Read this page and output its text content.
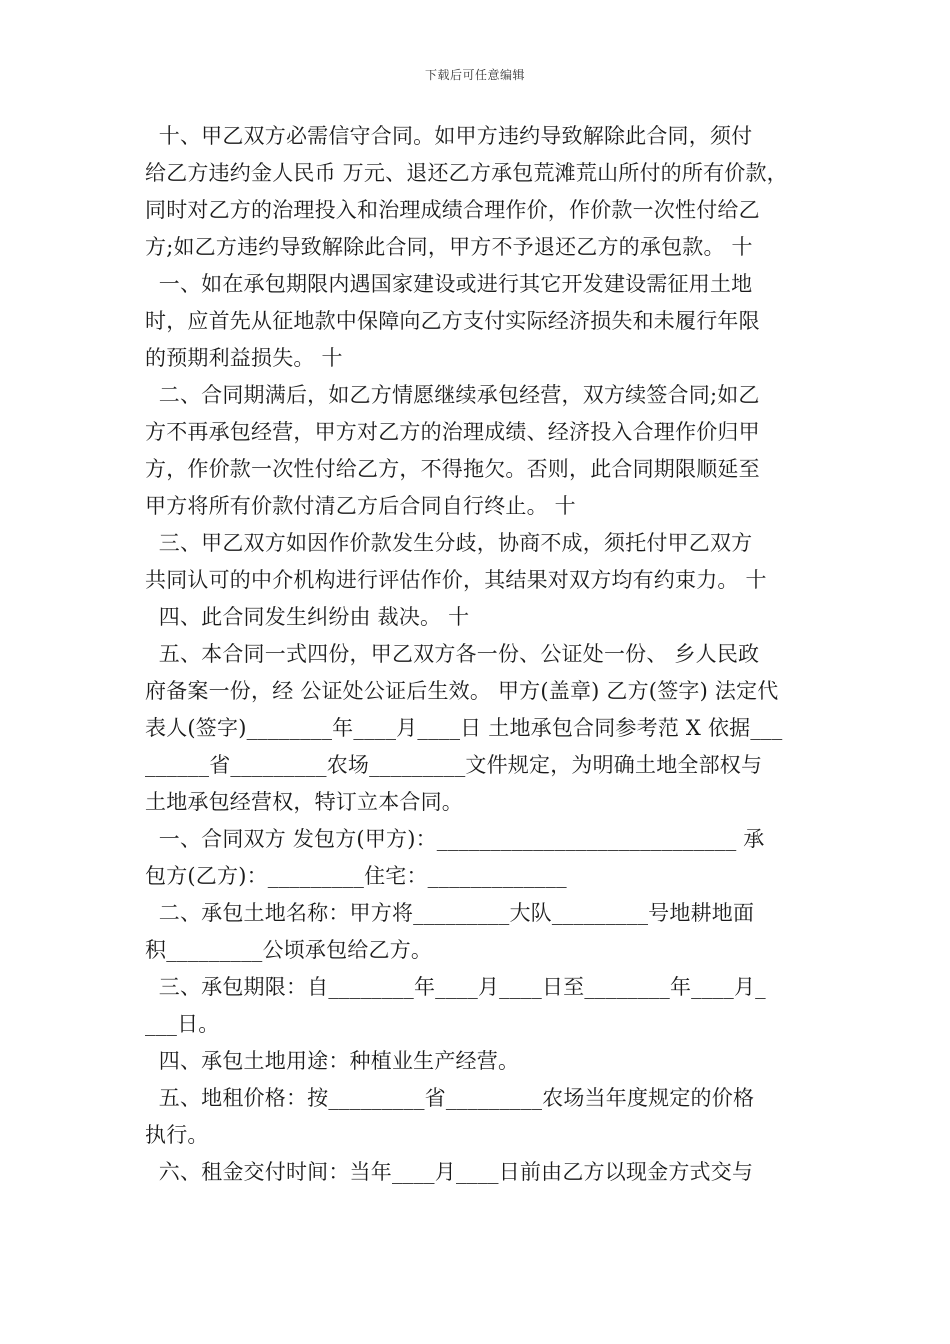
下载后可任意编辑
十、甲乙双方必需信守合同。如甲方违约导致解除此合同，须付
给乙方违约金人民币 万元、退还乙方承包荒滩荒山所付的所有价款，
同时对乙方的治理投入和治理成绩合理作价，作价款一次性付给乙
方;如乙方违约导致解除此合同，甲方不予退还乙方的承包款。 十
一、如在承包期限内遇国家建设或进行其它开发建设需征用土地
时，应首先从征地款中保障向乙方支付实际经济损失和未履行年限
的预期利益损失。 十
二、合同期满后，如乙方情愿继续承包经营，双方续签合同;如乙
方不再承包经营，甲方对乙方的治理成绩、经济投入合理作价归甲
方，作价款一次性付给乙方，不得拖欠。否则，此合同期限顺延至
甲方将所有价款付清乙方后合同自行终止。 十
三、甲乙双方如因作价款发生分歧，协商不成，须托付甲乙双方
共同认可的中介机构进行评估作价，其结果对双方均有约束力。 十
四、此合同发生纠纷由 裁决。 十
五、本合同一式四份，甲乙双方各一份、公证处一份、 乡人民政
府备案一份，经 公证处公证后生效。 甲方(盖章) 乙方(签字) 法定代
表人(签字)________年____月____日 土地承包合同参考范 X 依据___
______省_________农场_________文件规定，为明确土地全部权与
土地承包经营权，特订立本合同。
一、合同双方 发包方(甲方)：____________________________ 承
包方(乙方)：_________住宅：_____________
二、承包土地名称：甲方将_________大队_________号地耕地面
积_________公顷承包给乙方。
三、承包期限：自________年____月____日至________年____月_
___日。
四、承包土地用途：种植业生产经营。
五、地租价格：按_________省_________农场当年度规定的价格
执行。
六、租金交付时间：当年____月____日前由乙方以现金方式交与
